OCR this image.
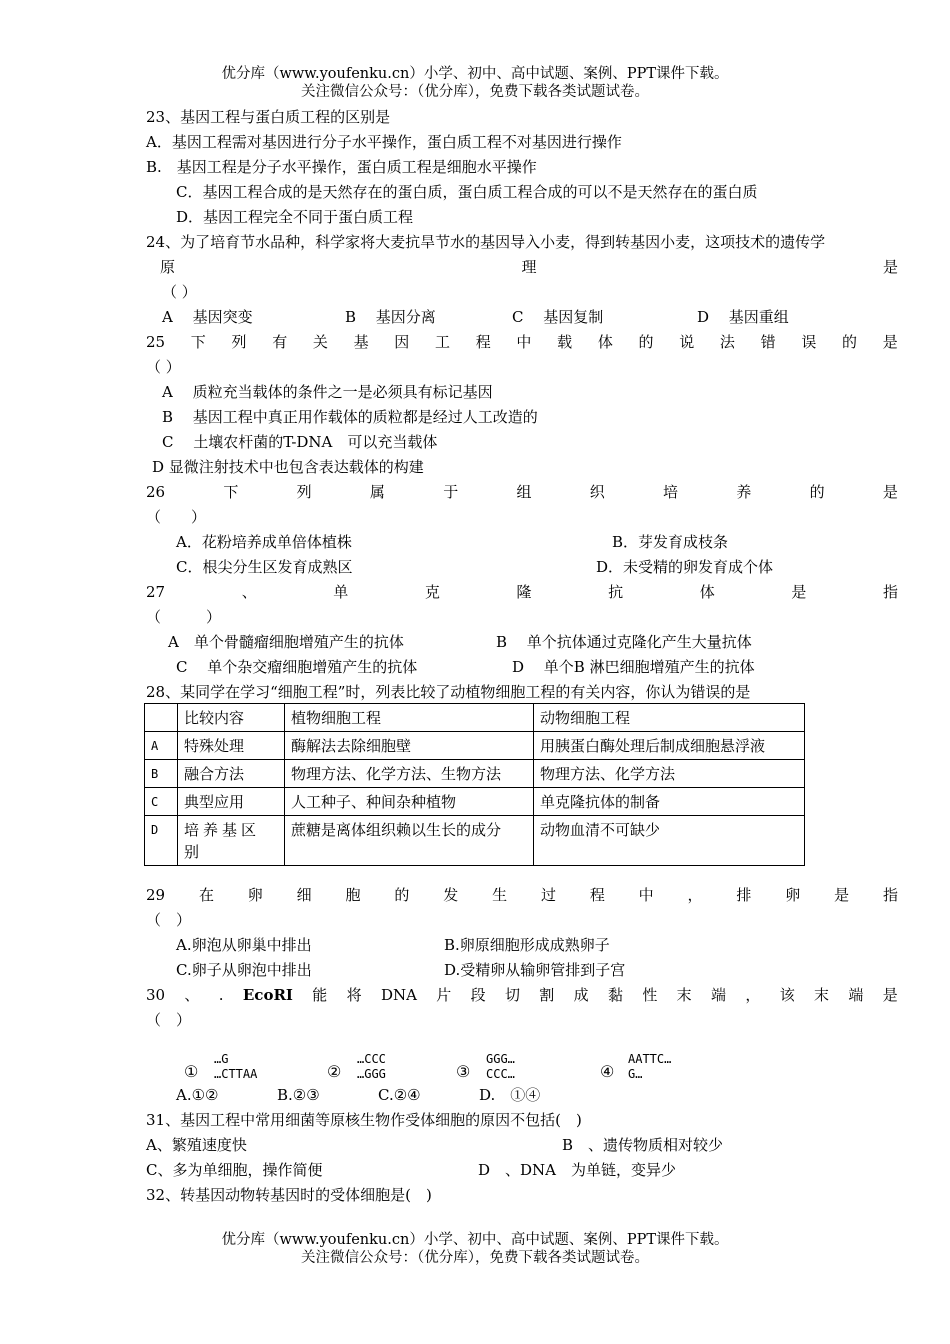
优分库（www.youfenku.cn）小学、初中、高中试题、案例、PPT课件下载。
关注微信公众号：（优分库），免费下载各类试题试卷。
23、基因工程与蛋白质工程的区别是
A．基因工程需对基因进行分子水平操作，蛋白质工程不对基因进行操作
B.　基因工程是分子水平操作，蛋白质工程是细胞水平操作
C．基因工程合成的是天然存在的蛋白质，蛋白质工程合成的可以不是天然存在的蛋白质
D．基因工程完全不同于蛋白质工程
24、为了培育节水品种，科学家将大麦抗旱节水的基因导入小麦，得到转基因小麦，这项技术的遗传学
原	理	是
（ ）
A　 基因突变	B　 基因分离	C　 基因复制	D　 基因重组
25 下 列 有 关 基 因 工 程 中 载 体 的 说 法 错 误 的 是
（ ）
A　 质粒充当载体的条件之一是必须具有标记基因
B　 基因工程中真正用作载体的质粒都是经过人工改造的
C　 土壤农杆菌的T-DNA　可以充当载体
D 显微注射技术中也包含表达载体的构建
26	下	列	属	于	组	织	培	养	的	是
（　　）
A．花粉培养成单倍体植株	B．芽发育成枝条
C．根尖分生区发育成熟区	D．未受精的卵发育成个体
27	、	单	克	隆	抗	体	是	指
（　　　）
A　单个骨髓瘤细胞增殖产生的抗体	B　 单个抗体通过克隆化产生大量抗体
C　 单个杂交瘤细胞增殖产生的抗体	D　 单个B 淋巴细胞增殖产生的抗体
28、某同学在学习“细胞工程”时，列表比较了动植物细胞工程的有关内容，你认为错误的是
	比较内容	植物细胞工程	动物细胞工程
A	特殊处理	酶解法去除细胞壁	用胰蛋白酶处理后制成细胞悬浮液
B	融合方法	物理方法、化学方法、生物方法	物理方法、化学方法
C	典型应用	人工种子、种间杂种植物	单克隆抗体的制备
D	培养基区别	蔗糖是离体组织赖以生长的成分	动物血清不可缺少
29 在 卵 细 胞 的 发 生 过 程 中 ， 排 卵 是 指
（　）
A.卵泡从卵巢中排出	B.卵原细胞形成成熟卵子
C.卵子从卵泡中排出	D.受精卵从输卵管排到子宫
30 、 . EcoRⅠ 能 将 DNA 片 段 切 割 成 黏 性 末 端 ， 该 末 端 是
（　）
①
…G
…CTTAA	②
…CCC
…GGG	③
GGG…
CCC…	④
AATTC…
G…
A.①②	B.②③	C.②④	D.　①④
31、基因工程中常用细菌等原核生物作受体细胞的原因不包括(　)
A、繁殖速度快	B　、遗传物质相对较少
C、多为单细胞，操作简便	D　、DNA　为单链，变异少
32、转基因动物转基因时的受体细胞是(　)
优分库（www.youfenku.cn）小学、初中、高中试题、案例、PPT课件下载。
关注微信公众号：（优分库），免费下载各类试题试卷。
